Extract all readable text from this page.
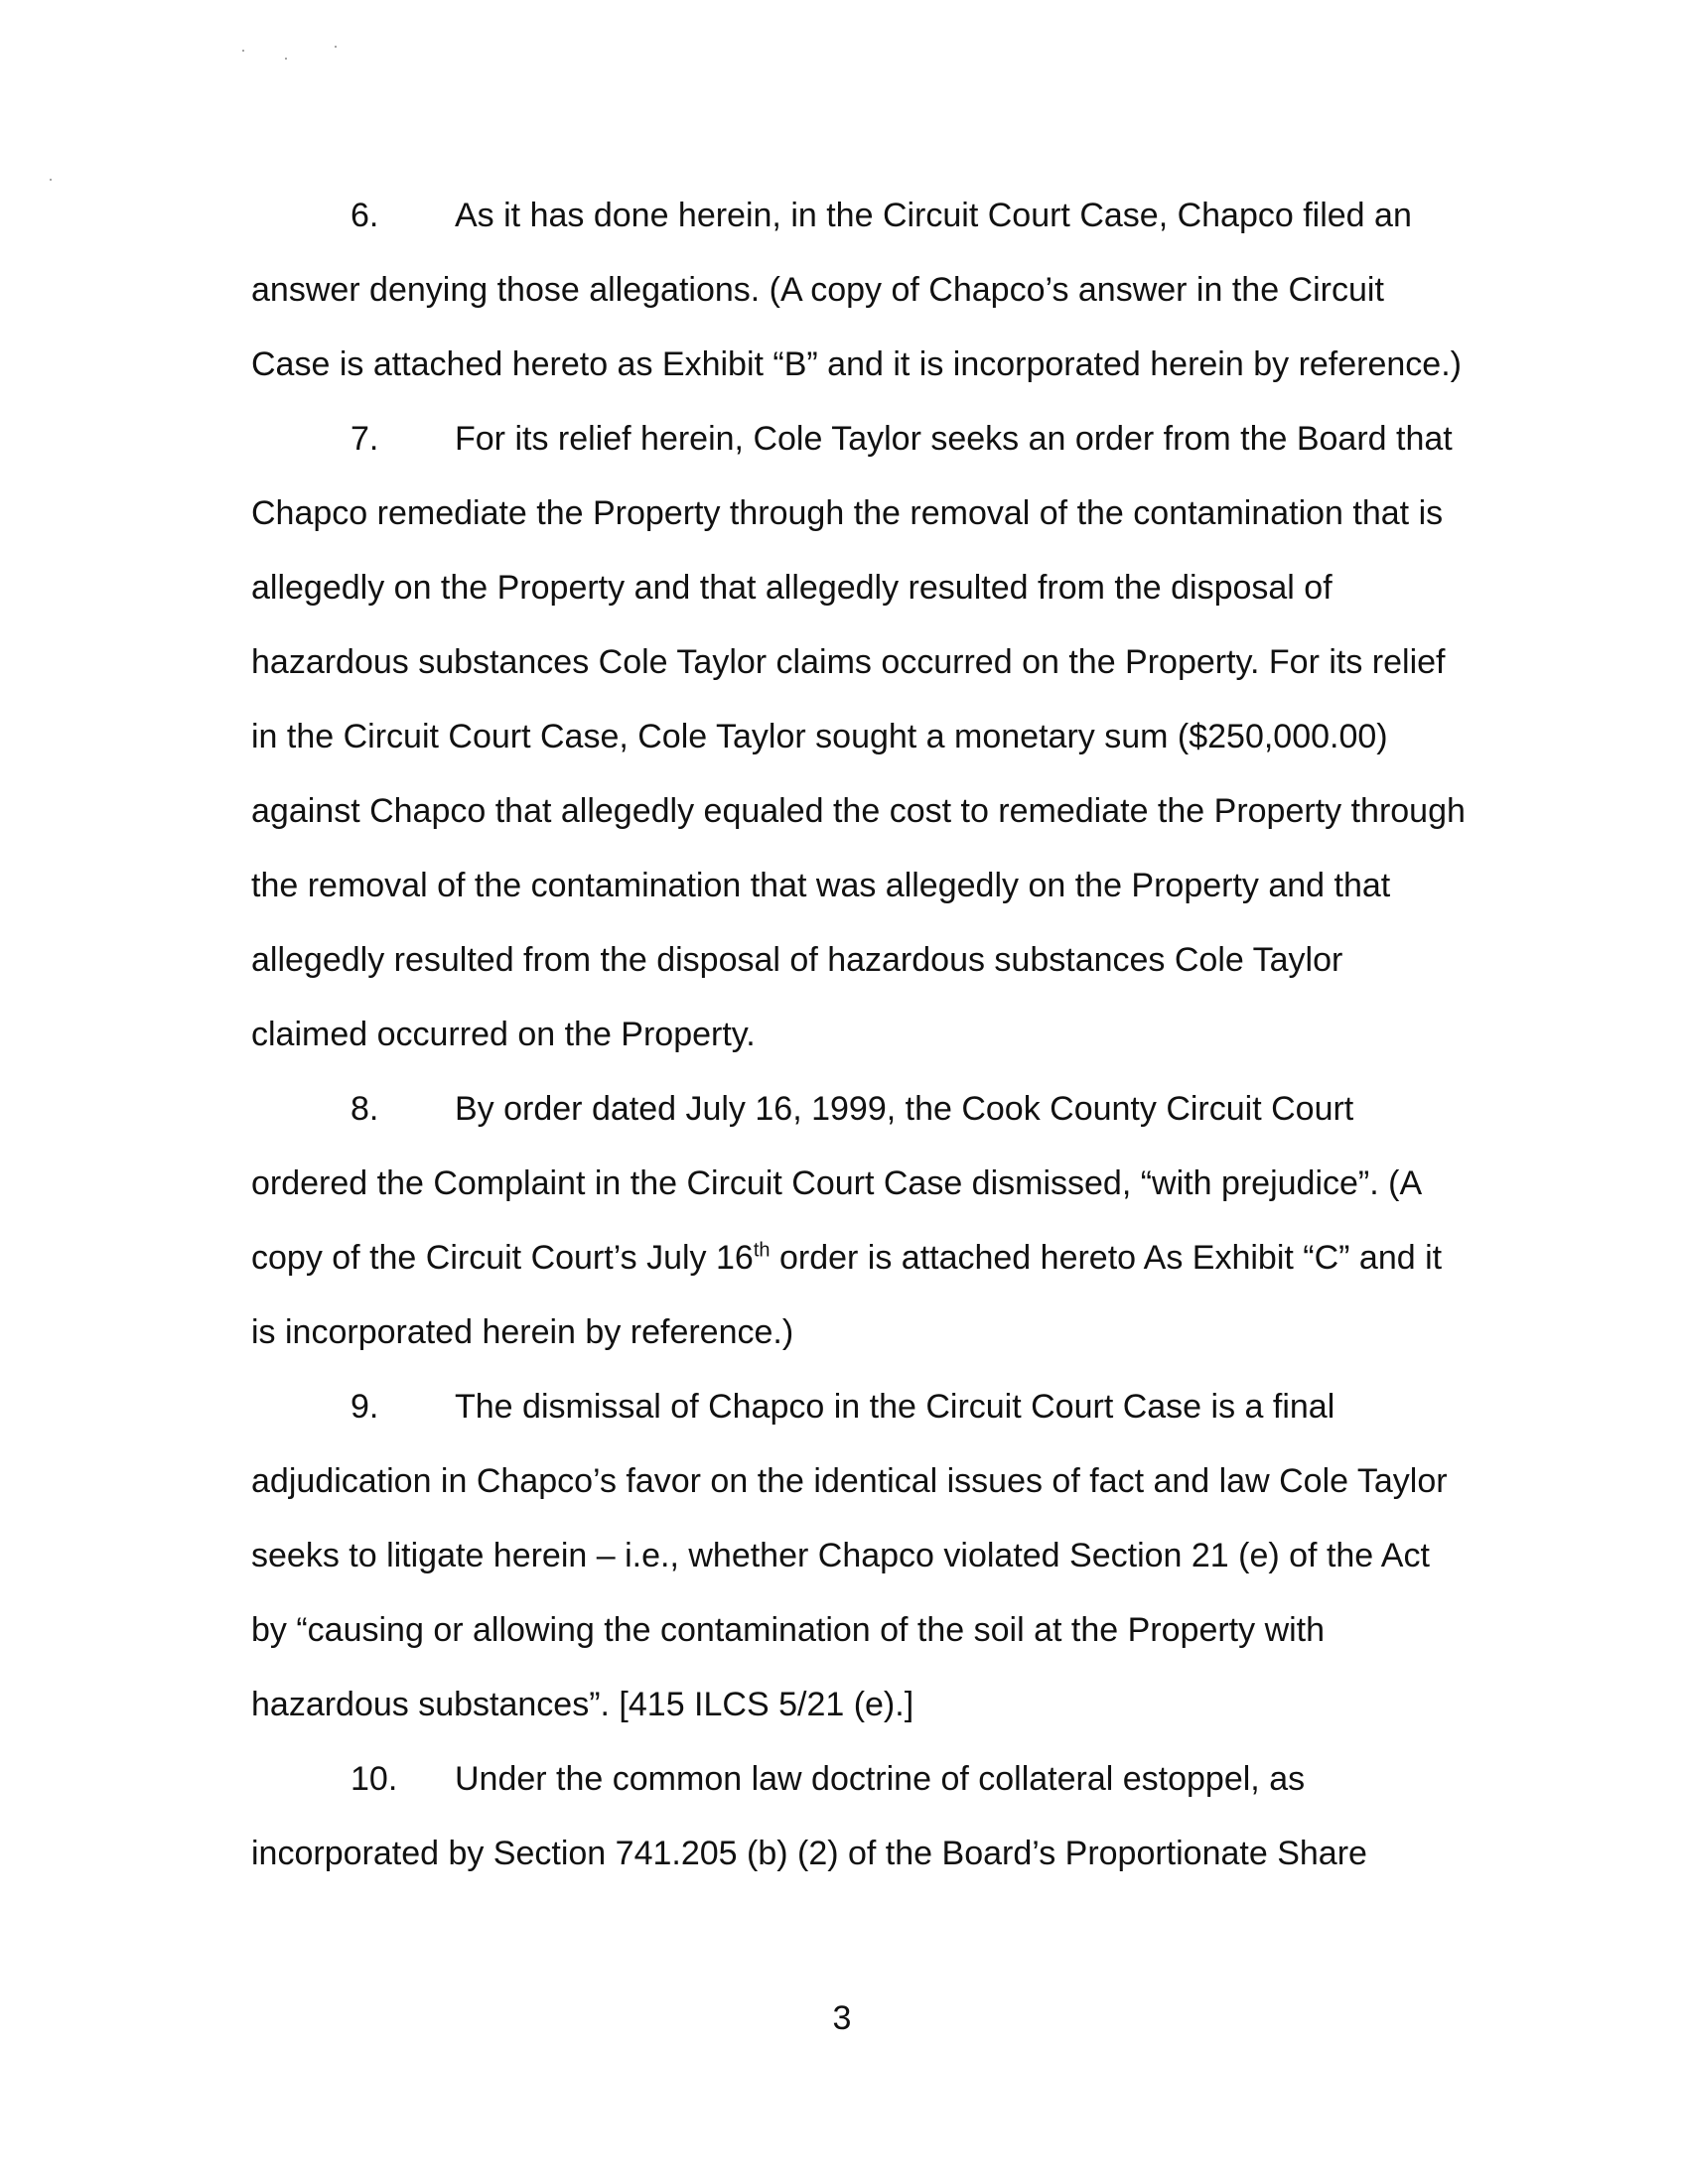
6. As it has done herein, in the Circuit Court Case, Chapco filed an
answer denying those allegations. (A copy of Chapco’s answer in the Circuit
Case is attached hereto as Exhibit “B” and it is incorporated herein by reference.)
7. For its relief herein, Cole Taylor seeks an order from the Board that
Chapco remediate the Property through the removal of the contamination that is
allegedly on the Property and that allegedly resulted from the disposal of
hazardous substances Cole Taylor claims occurred on the Property. For its relief
in the Circuit Court Case, Cole Taylor sought a monetary sum ($250,000.00)
against Chapco that allegedly equaled the cost to remediate the Property through
the removal of the contamination that was allegedly on the Property and that
allegedly resulted from the disposal of hazardous substances Cole Taylor
claimed occurred on the Property.
8. By order dated July 16, 1999, the Cook County Circuit Court
ordered the Complaint in the Circuit Court Case dismissed, “with prejudice”. (A
copy of the Circuit Court’s July 16th order is attached hereto As Exhibit “C” and it
is incorporated herein by reference.)
9. The dismissal of Chapco in the Circuit Court Case is a final
adjudication in Chapco’s favor on the identical issues of fact and law Cole Taylor
seeks to litigate herein – i.e., whether Chapco violated Section 21 (e) of the Act
by “causing or allowing the contamination of the soil at the Property with
hazardous substances”. [415 ILCS 5/21 (e).]
10. Under the common law doctrine of collateral estoppel, as
incorporated by Section 741.205 (b) (2) of the Board’s Proportionate Share
3
